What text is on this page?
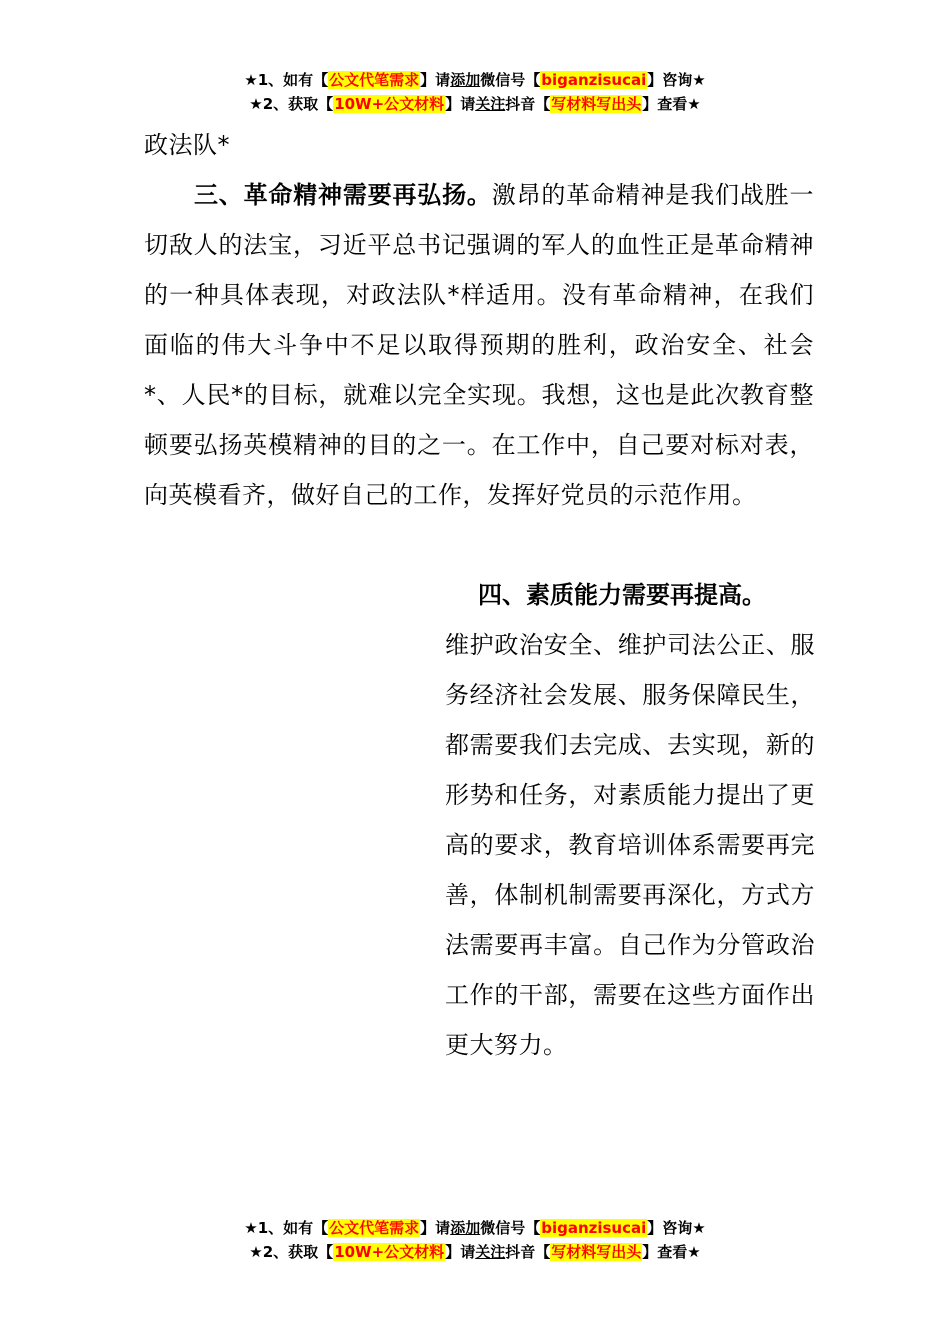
★1、如有【公文代笔需求】请添加微信号【biganzisucai】咨询★
★2、获取【10W+公文材料】请关注抖音【写材料写出头】查看★
政法队*
三、革命精神需要再弘扬。激昂的革命精神是我们战胜一切敌人的法宝，习近平总书记强调的军人的血性正是革命精神的一种具体表现，对政法队*样适用。没有革命精神，在我们面临的伟大斗争中不足以取得预期的胜利，政治安全、社会*、人民*的目标，就难以完全实现。我想，这也是此次教育整顿要弘扬英模精神的目的之一。在工作中，自己要对标对表，向英模看齐，做好自己的工作，发挥好党员的示范作用。
四、素质能力需要再提高。
维护政治安全、维护司法公正、服务经济社会发展、服务保障民生，都需要我们去完成、去实现，新的形势和任务，对素质能力提出了更高的要求，教育培训体系需要再完善，体制机制需要再深化，方式方法需要再丰富。自己作为分管政治工作的干部，需要在这些方面作出更大努力。
★1、如有【公文代笔需求】请添加微信号【biganzisucai】咨询★
★2、获取【10W+公文材料】请关注抖音【写材料写出头】查看★
